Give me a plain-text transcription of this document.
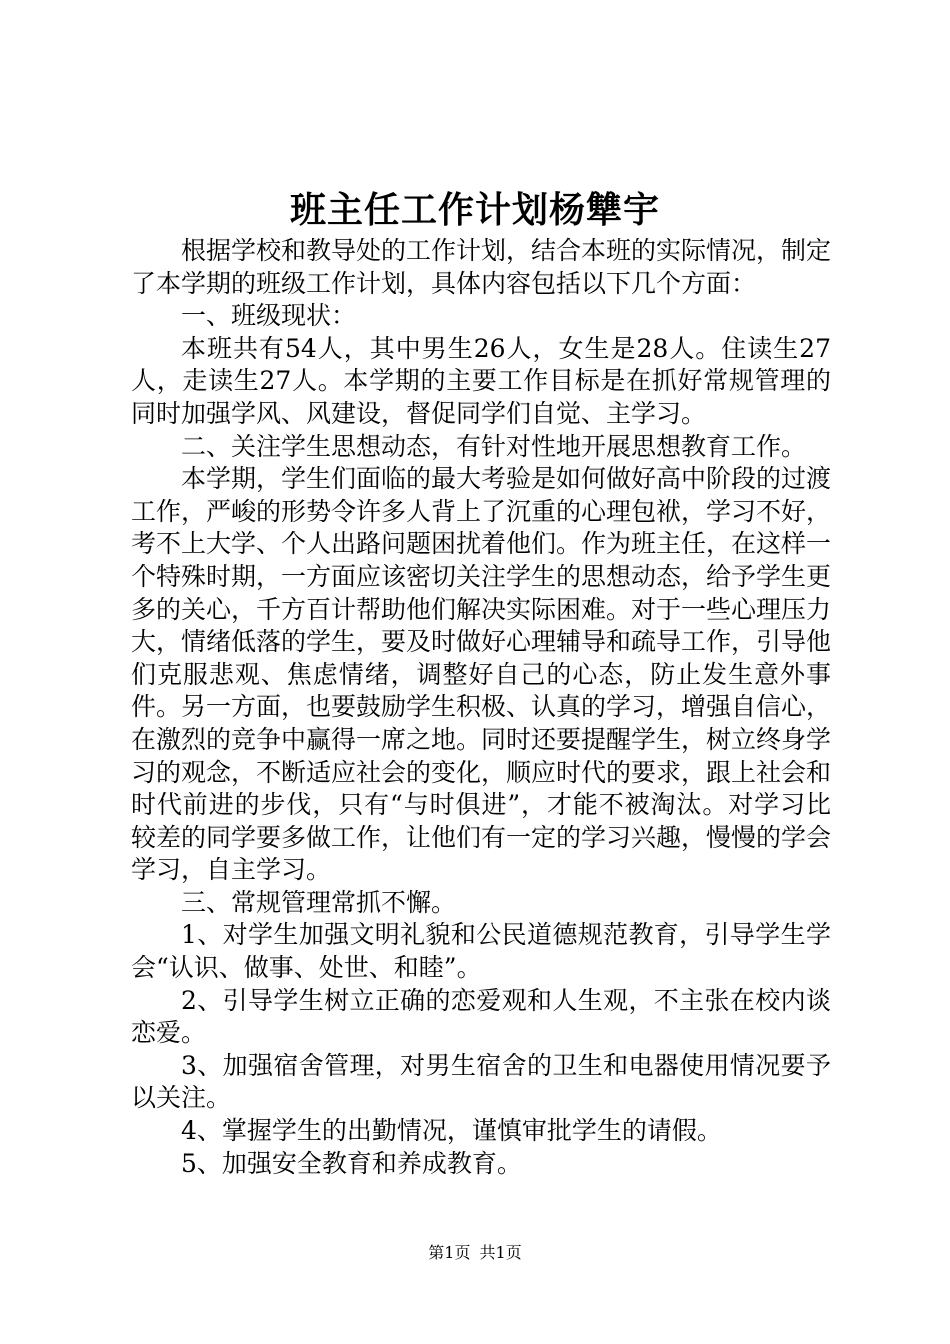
班主任工作计划杨犨宇

根据学校和教导处的工作计划，结合本班的实际情况，制定了本学期的班级工作计划，具体内容包括以下几个方面：

一、班级现状：

本班共有54人，其中男生26人，女生是28人。住读生27人，走读生27人。本学期的主要工作目标是在抓好常规管理的同时加强学风、风建设，督促同学们自觉、主学习。

二、关注学生思想动态，有针对性地开展思想教育工作。

本学期，学生们面临的最大考验是如何做好高中阶段的过渡工作，严峻的形势令许多人背上了沉重的心理包袱，学习不好，考不上大学、个人出路问题困扰着他们。作为班主任，在这样一个特殊时期，一方面应该密切关注学生的思想动态，给予学生更多的关心，千方百计帮助他们解决实际困难。对于一些心理压力大，情绪低落的学生，要及时做好心理辅导和疏导工作，引导他们克服悲观、焦虑情绪，调整好自己的心态，防止发生意外事件。另一方面，也要鼓励学生积极、认真的学习，增强自信心，在激烈的竞争中赢得一席之地。同时还要提醒学生，树立终身学习的观念，不断适应社会的变化，顺应时代的要求，跟上社会和时代前进的步伐，只有“与时俱进”，才能不被淘汰。对学习比较差的同学要多做工作，让他们有一定的学习兴趣，慢慢的学会学习，自主学习。

三、常规管理常抓不懈。

1、对学生加强文明礼貌和公民道德规范教育，引导学生学会“认识、做事、处世、和睦”。

2、引导学生树立正确的恋爱观和人生观，不主张在校内谈恋爱。

3、加强宿舍管理，对男生宿舍的卫生和电器使用情况要予以关注。

4、掌握学生的出勤情况，谨慎审批学生的请假。

5、加强安全教育和养成教育。

第1页 共1页
